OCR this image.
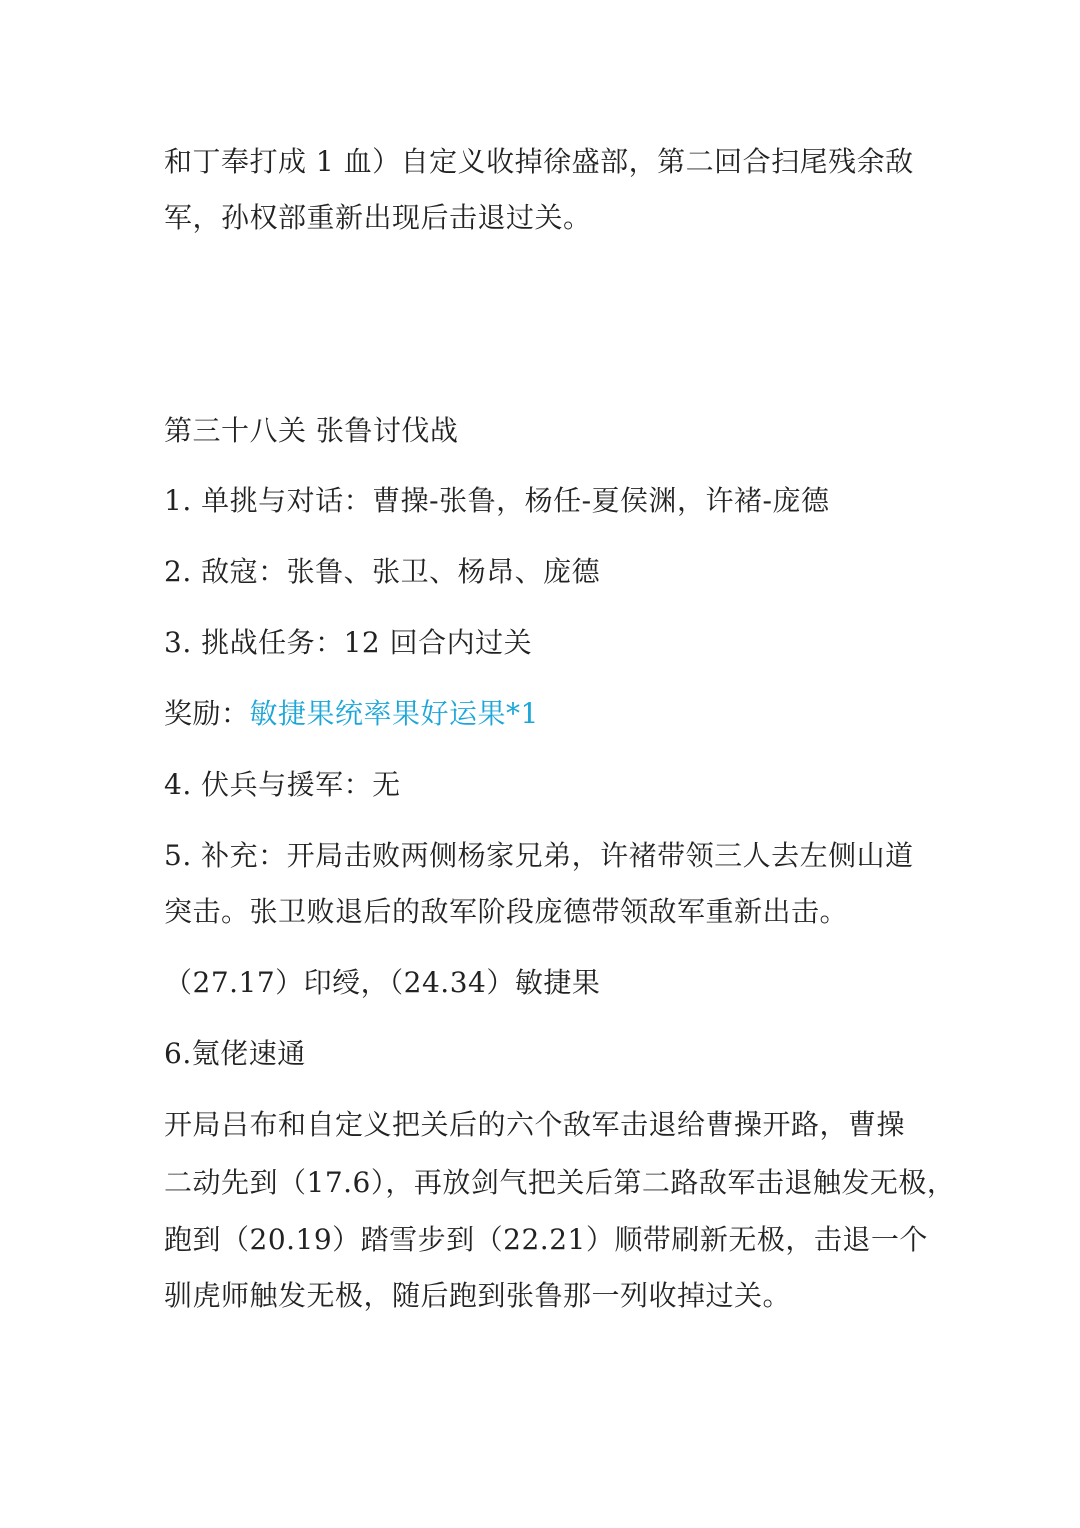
和丁奉打成 1 血）自定义收掉徐盛部，第二回合扫尾残余敌
军，孙权部重新出现后击退过关。
第三十八关 张鲁讨伐战
1. 单挑与对话：曹操-张鲁，杨任-夏侯渊，许褚-庞德
2. 敌寇：张鲁、张卫、杨昂、庞德
3. 挑战任务：12 回合内过关
奖励：敏捷果统率果好运果*1
4. 伏兵与援军：无
5. 补充：开局击败两侧杨家兄弟，许褚带领三人去左侧山道
突击。张卫败退后的敌军阶段庞德带领敌军重新出击。
（27.17）印绶，（24.34）敏捷果
6.氪佬速通
开局吕布和自定义把关后的六个敌军击退给曹操开路，曹操
二动先到（17.6），再放剑气把关后第二路敌军击退触发无极，
跑到（20.19）踏雪步到（22.21）顺带刷新无极，击退一个
驯虎师触发无极，随后跑到张鲁那一列收掉过关。
